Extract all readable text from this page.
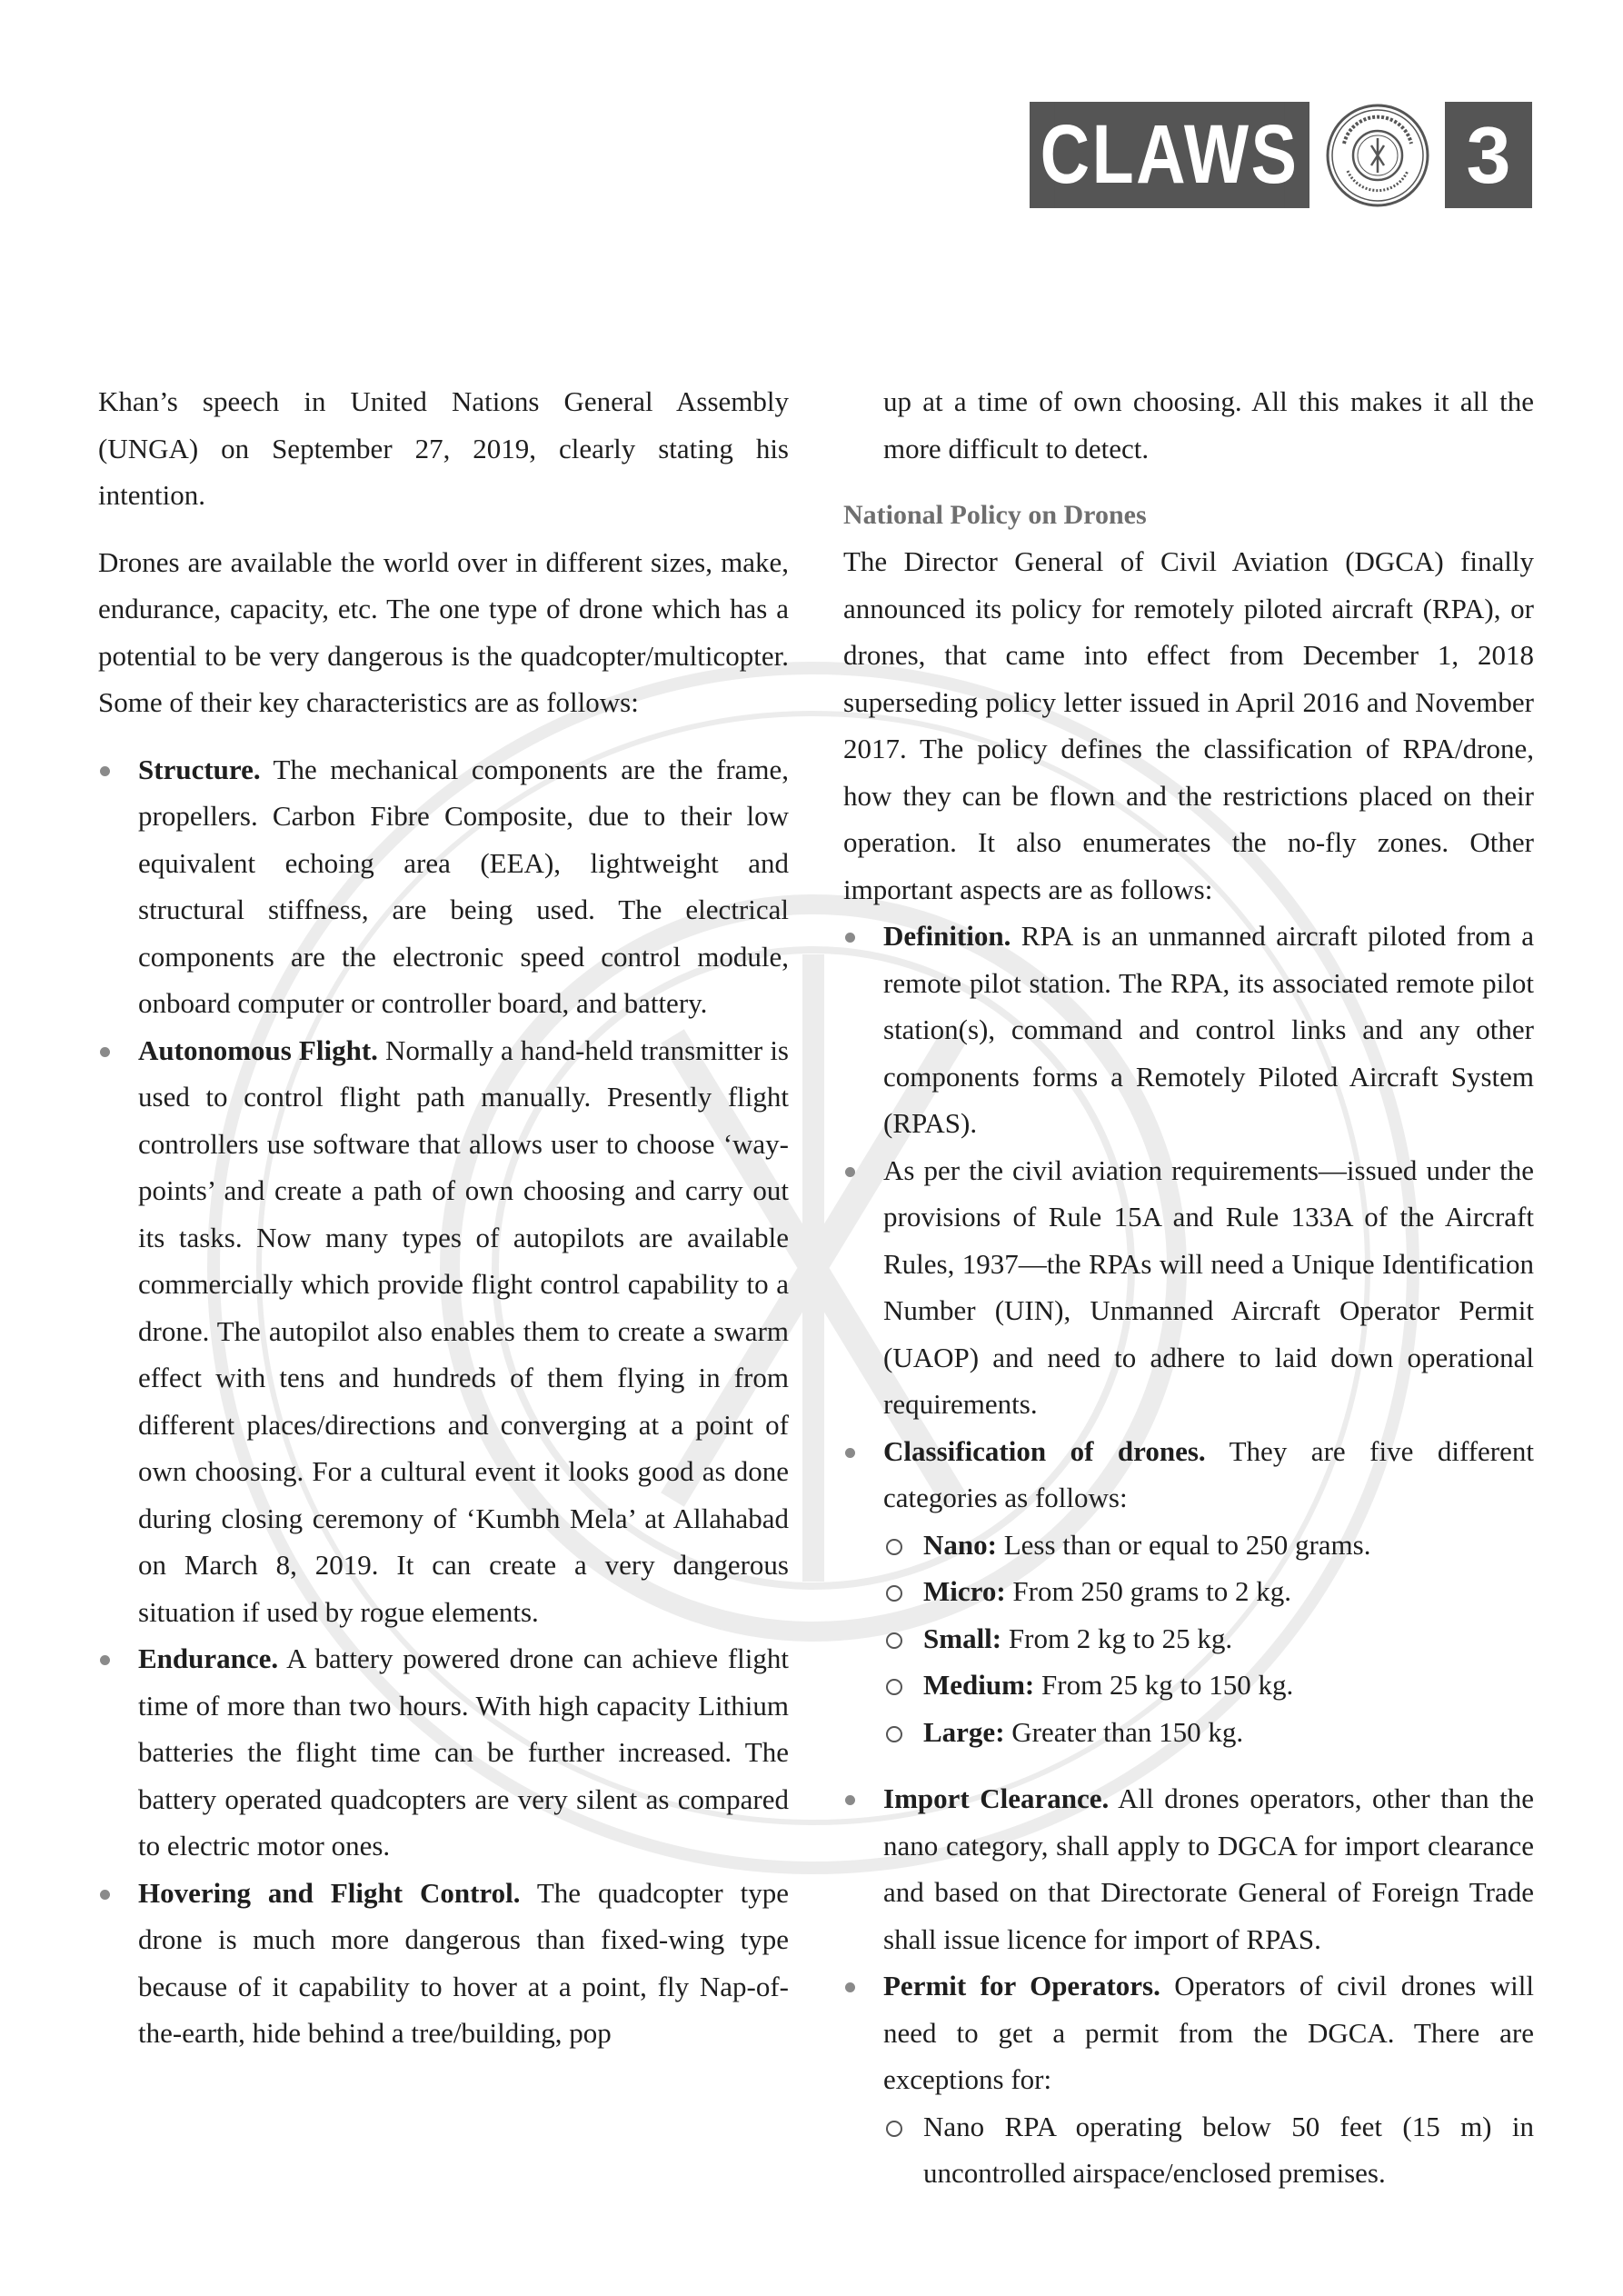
CLAWS 3

Khan’s speech in United Nations General Assembly (UNGA) on September 27, 2019, clearly stating his intention.

Drones are available the world over in different sizes, make, endurance, capacity, etc. The one type of drone which has a potential to be very dangerous is the quadcopter/multicopter. Some of their key characteristics are as follows:

Structure. The mechanical components are the frame, propellers. Carbon Fibre Composite, due to their low equivalent echoing area (EEA), lightweight and structural stiffness, are being used. The electrical components are the electronic speed control module, onboard computer or controller board, and battery.
Autonomous Flight. Normally a hand-held transmitter is used to control flight path manually. Presently flight controllers use software that allows user to choose ‘way-points’ and create a path of own choosing and carry out its tasks. Now many types of autopilots are available commercially which provide flight control capability to a drone. The autopilot also enables them to create a swarm effect with tens and hundreds of them flying in from different places/directions and converging at a point of own choosing. For a cultural event it looks good as done during closing ceremony of ‘Kumbh Mela’ at Allahabad on March 8, 2019. It can create a very dangerous situation if used by rogue elements.
Endurance. A battery powered drone can achieve flight time of more than two hours. With high capacity Lithium batteries the flight time can be further increased. The battery operated quadcopters are very silent as compared to electric motor ones.
Hovering and Flight Control. The quadcopter type drone is much more dangerous than fixed-wing type because of it capability to hover at a point, fly Nap-of-the-earth, hide behind a tree/building, pop

up at a time of own choosing. All this makes it all the more difficult to detect.

National Policy on Drones

The Director General of Civil Aviation (DGCA) finally announced its policy for remotely piloted aircraft (RPA), or drones, that came into effect from December 1, 2018 superseding policy letter issued in April 2016 and November 2017. The policy defines the classification of RPA/drone, how they can be flown and the restrictions placed on their operation. It also enumerates the no-fly zones. Other important aspects are as follows:

Definition. RPA is an unmanned aircraft piloted from a remote pilot station. The RPA, its associated remote pilot station(s), command and control links and any other components forms a Remotely Piloted Aircraft System (RPAS).
As per the civil aviation requirements—issued under the provisions of Rule 15A and Rule 133A of the Aircraft Rules, 1937—the RPAs will need a Unique Identification Number (UIN), Unmanned Aircraft Operator Permit (UAOP) and need to adhere to laid down operational requirements.
Classification of drones. They are five different categories as follows:
Nano: Less than or equal to 250 grams.
Micro: From 250 grams to 2 kg.
Small: From 2 kg to 25 kg.
Medium: From 25 kg to 150 kg.
Large: Greater than 150 kg.
Import Clearance. All drones operators, other than the nano category, shall apply to DGCA for import clearance and based on that Directorate General of Foreign Trade shall issue licence for import of RPAS.
Permit for Operators. Operators of civil drones will need to get a permit from the DGCA. There are exceptions for:
Nano RPA operating below 50 feet (15 m) in uncontrolled airspace/enclosed premises.
